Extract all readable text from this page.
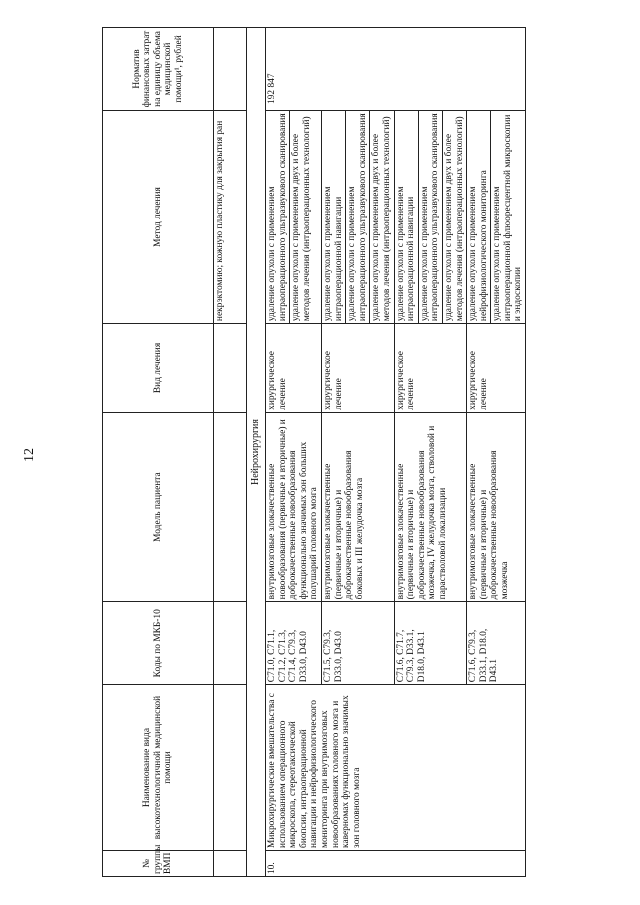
12
№ группы ВМП	Наименование вида высокотехнологичной медицинской помощи	Коды по МКБ-10	Модель пациента	Вид лечения	Метод лечения	Норматив финансовых затрат на единицу объема медицинской помощи¹, рублей
					некрэктомию; кожную пластику для закрытия ран	
Нейрохирургия						
10.	Микрохирургические вмешательства с использованием операционного микроскопа, стереотаксической биопсии, интраоперационной навигации и нейрофизиологического мониторинга при внутримозговых новообразованиях головного мозга и каверномах функционально значимых зон головного мозга	C71.0, C71.1, C71.2, C71.3, C71.4, C79.3, D33.0, D43.0	внутримозговые злокачественные новообразования (первичные и вторичные) и доброкачественные новообразования функционально значимых зон больших полушарий головного мозга	хирургическое лечение	удаление опухоли с применением интраоперационного ультразвукового сканирования удаление опухоли с применением двух и более методов лечения (интраоперационных технологий)	192 847
		C71.5, C79.3, D33.0, D43.0	внутримозговые злокачественные (первичные и вторичные) и доброкачественные новообразования боковых и III желудочка мозга	хирургическое лечение	удаление опухоли с применением интраоперационной навигации удаление опухоли с применением интраоперационного ультразвукового сканирования удаление опухоли с применением двух и более методов лечения (интраоперационных технологий)	

		C71.6, C71.7, C79.3, D33.1, D18.0, D43.1	внутримозговые злокачественные (первичные и вторичные) и доброкачественные новообразования мозжечка, IV желудочка мозга, стволовой и парастволовой локализации	хирургическое лечение	удаление опухоли с применением интраоперационной навигации удаление опухоли с применением интраоперационного ультразвукового сканирования удаление опухоли с применением двух и более методов лечения (интраоперационных технологий)	

		C71.6, C79.3, D33.1, D18.0, D43.1	внутримозговые злокачественные (первичные и вторичные) и доброкачественные новообразования мозжечка	хирургическое лечение	удаление опухоли с применением нейрофизиологического мониторинга удаление опухоли с применением интраоперационной флюоресцентной микроскопии и эндоскопии	
